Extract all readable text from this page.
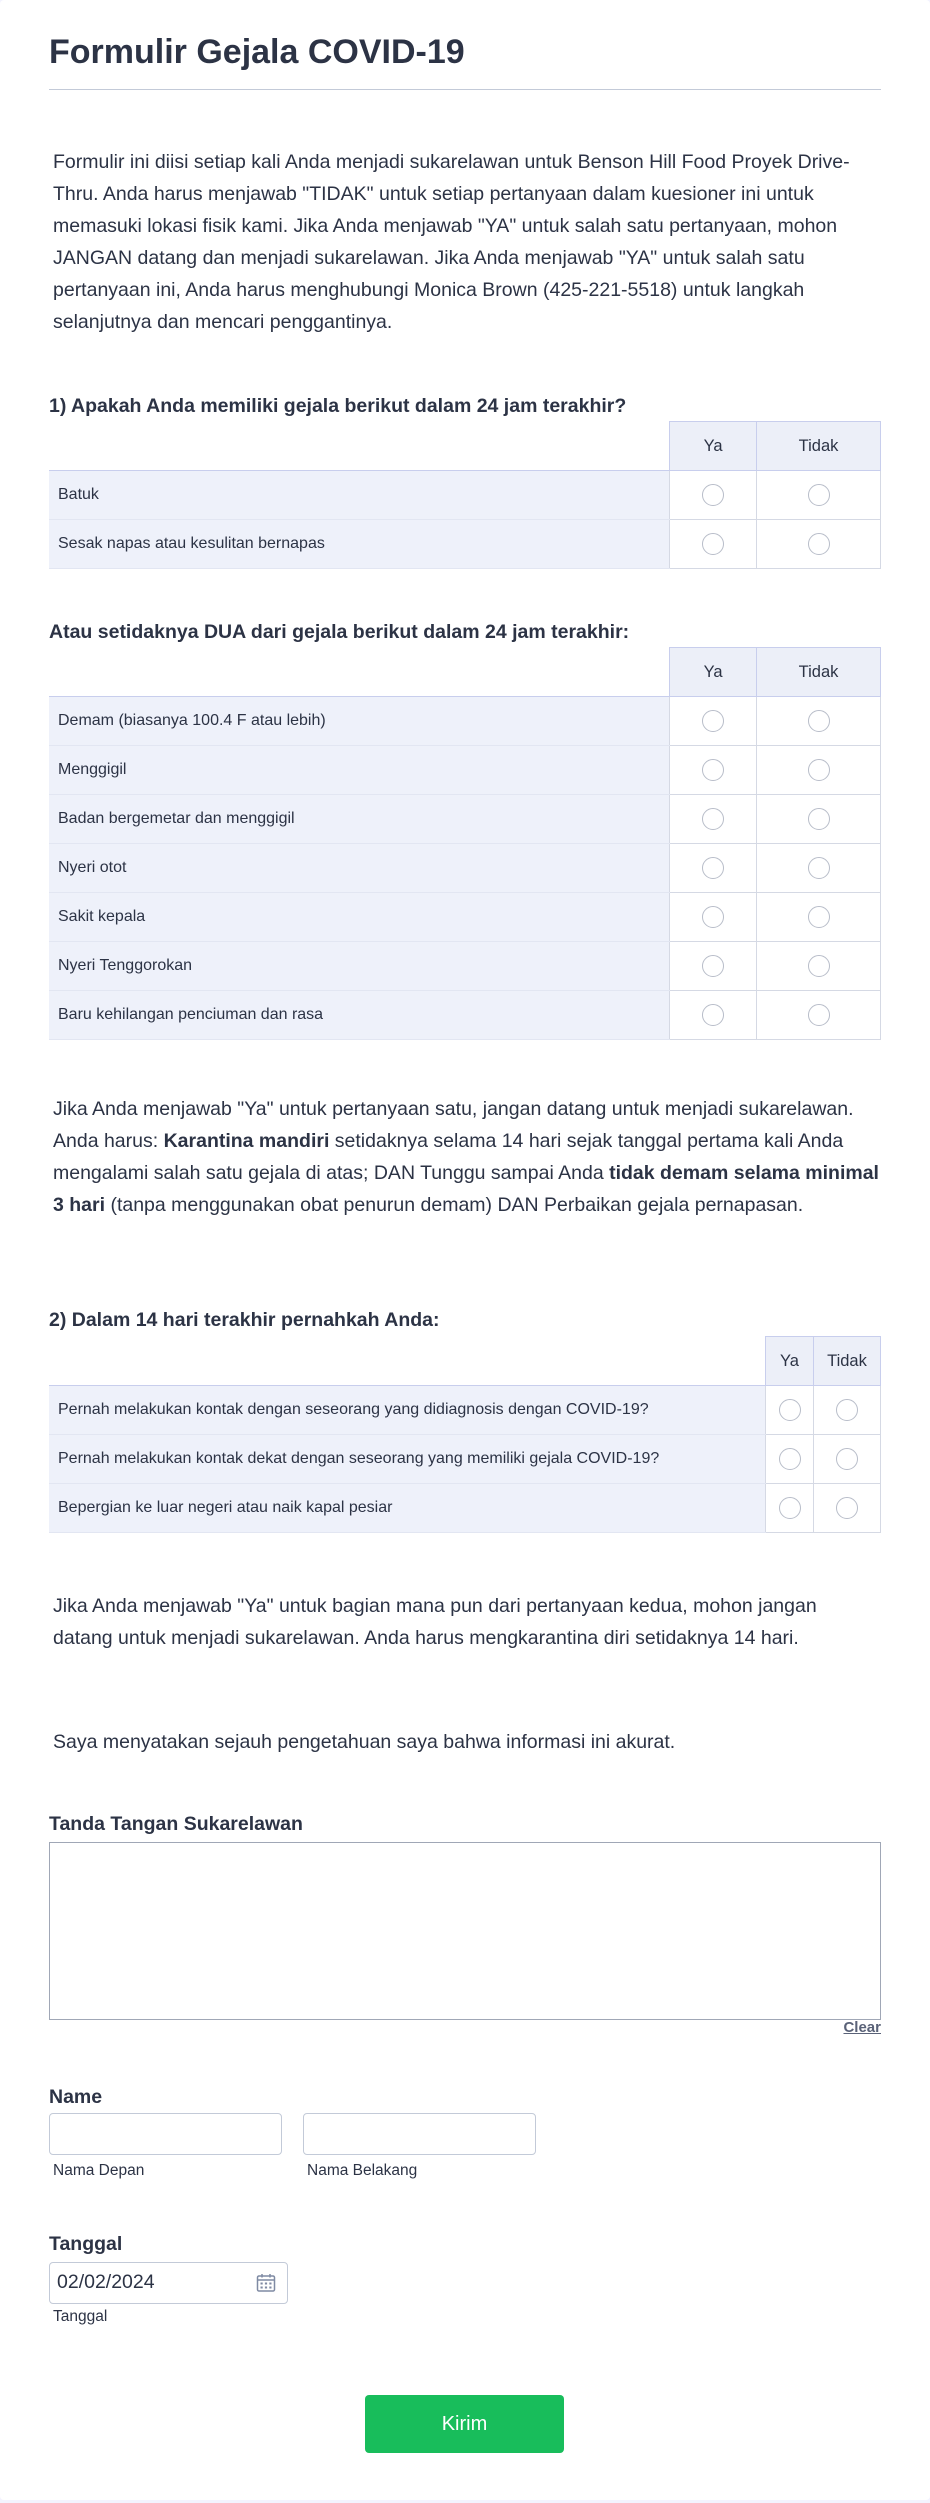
Formulir Gejala COVID-19
Formulir ini diisi setiap kali Anda menjadi sukarelawan untuk Benson Hill Food Proyek Drive-Thru. Anda harus menjawab "TIDAK" untuk setiap pertanyaan dalam kuesioner ini untuk memasuki lokasi fisik kami. Jika Anda menjawab "YA" untuk salah satu pertanyaan, mohon JANGAN datang dan menjadi sukarelawan. Jika Anda menjawab "YA" untuk salah satu pertanyaan ini, Anda harus menghubungi Monica Brown (425-221-5518) untuk langkah selanjutnya dan mencari penggantinya.
1) Apakah Anda memiliki gejala berikut dalam 24 jam terakhir?
	Ya	Tidak
Batuk		
Sesak napas atau kesulitan bernapas		
Atau setidaknya DUA dari gejala berikut dalam 24 jam terakhir:
	Ya	Tidak
Demam (biasanya 100.4 F atau lebih)		
Menggigil		
Badan bergemetar dan menggigil		
Nyeri otot		
Sakit kepala		
Nyeri Tenggorokan		
Baru kehilangan penciuman dan rasa		
Jika Anda menjawab "Ya" untuk pertanyaan satu, jangan datang untuk menjadi sukarelawan. Anda harus: Karantina mandiri setidaknya selama 14 hari sejak tanggal pertama kali Anda mengalami salah satu gejala di atas; DAN Tunggu sampai Anda tidak demam selama minimal 3 hari (tanpa menggunakan obat penurun demam) DAN Perbaikan gejala pernapasan.
2) Dalam 14 hari terakhir pernahkah Anda:
	Ya	Tidak
Pernah melakukan kontak dengan seseorang yang didiagnosis dengan COVID-19?		
Pernah melakukan kontak dekat dengan seseorang yang memiliki gejala COVID-19?		
Bepergian ke luar negeri atau naik kapal pesiar		
Jika Anda menjawab "Ya" untuk bagian mana pun dari pertanyaan kedua, mohon jangan datang untuk menjadi sukarelawan. Anda harus mengkarantina diri setidaknya 14 hari.
Saya menyatakan sejauh pengetahuan saya bahwa informasi ini akurat.
Tanda Tangan Sukarelawan
Clear
Name
Nama Depan	Nama Belakang
Tanggal
02/02/2024
Tanggal
Kirim
